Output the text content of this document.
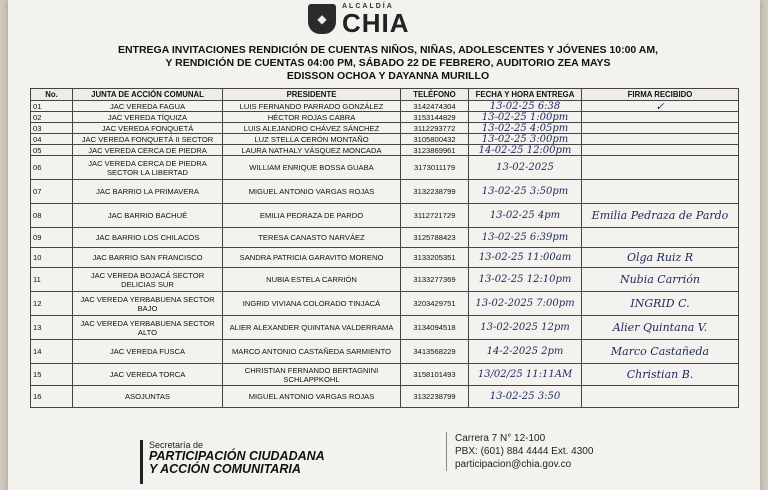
◆
ALCALDÍA
CHIA
ENTREGA INVITACIONES RENDICIÓN DE CUENTAS NIÑOS, NIÑAS, ADOLESCENTES Y JÓVENES 10:00 AM,
Y RENDICIÓN DE CUENTAS 04:00 PM, SÁBADO 22 DE FEBRERO, AUDITORIO ZEA MAYS
EDISSON OCHOA Y DAYANNA MURILLO
No.	JUNTA DE ACCIÓN COMUNAL	PRESIDENTE	TELÉFONO	FECHA Y HORA ENTREGA	FIRMA RECIBIDO
01	JAC VEREDA FAGUA	LUIS FERNANDO PARRADO GONZÁLEZ	3142474304	13-02-25 6:38	✓
02	JAC VEREDA TÍQUIZA	HÉCTOR ROJAS CABRA	3153144829	13-02-25 1:00pm	
03	JAC VEREDA FONQUETÁ	LUIS ALEJANDRO CHÁVEZ SÁNCHEZ	3112293772	13-02-25 4:05pm	
04	JAC VEREDA FONQUETÁ II SECTOR	LUZ STELLA CERÓN MONTAÑO	3105800432	13-02-25 3:00pm	
05	JAC VEREDA CERCA DE PIEDRA	LAURA NATHALY VÁSQUEZ MONCADA	3123869961	14-02-25 12:00pm	
06	JAC VEREDA CERCA DE PIEDRA SECTOR LA LIBERTAD	WILLIAM ENRIQUE BOSSA GUABA	3173011179	13-02-2025	
07	JAC BARRIO LA PRIMAVERA	MIGUEL ANTONIO VARGAS ROJAS	3132238799	13-02-25 3:50pm	
08	JAC BARRIO BACHUÉ	EMILIA PEDRAZA DE PARDO	3112721729	13-02-25 4pm	Emilia Pedraza de Pardo
09	JAC BARRIO LOS CHILACOS	TERESA CANASTO NARVÁEZ	3125788423	13-02-25 6:39pm	
10	JAC BARRIO SAN FRANCISCO	SANDRA PATRICIA GARAVITO MORENO	3133205351	13-02-25 11:00am	Olga Ruiz R
11	JAC VEREDA BOJACÁ SECTOR DELICIAS SUR	NUBIA ESTELA CARRIÓN	3133277369	13-02-25 12:10pm	Nubia Carrión
12	JAC VEREDA YERBABUENA SECTOR BAJO	INGRID VIVIANA COLORADO TINJACÁ	3203429751	13-02-2025 7:00pm	INGRID C.
13	JAC VEREDA YERBABUENA SECTOR ALTO	ALIER ALEXANDER QUINTANA VALDERRAMA	3134094518	13-02-2025 12pm	Alier Quintana V.
14	JAC VEREDA FUSCA	MARCO ANTONIO CASTAÑEDA SARMIENTO	3413568229	14-2-2025 2pm	Marco Castañeda
15	JAC VEREDA TORCA	CHRISTIAN FERNANDO BERTAGNINI SCHLAPPKOHL	3158101493	13/02/25 11:11AM	Christian B.
16	ASOJUNTAS	MIGUEL ANTONIO VARGAS ROJAS	3132238799	13-02-25 3:50	
Secretaría de
PARTICIPACIÓN CIUDADANA
Y ACCIÓN COMUNITARIA
Carrera 7 N° 12-100
PBX: (601) 884 4444 Ext. 4300
participacion@chia.gov.co
